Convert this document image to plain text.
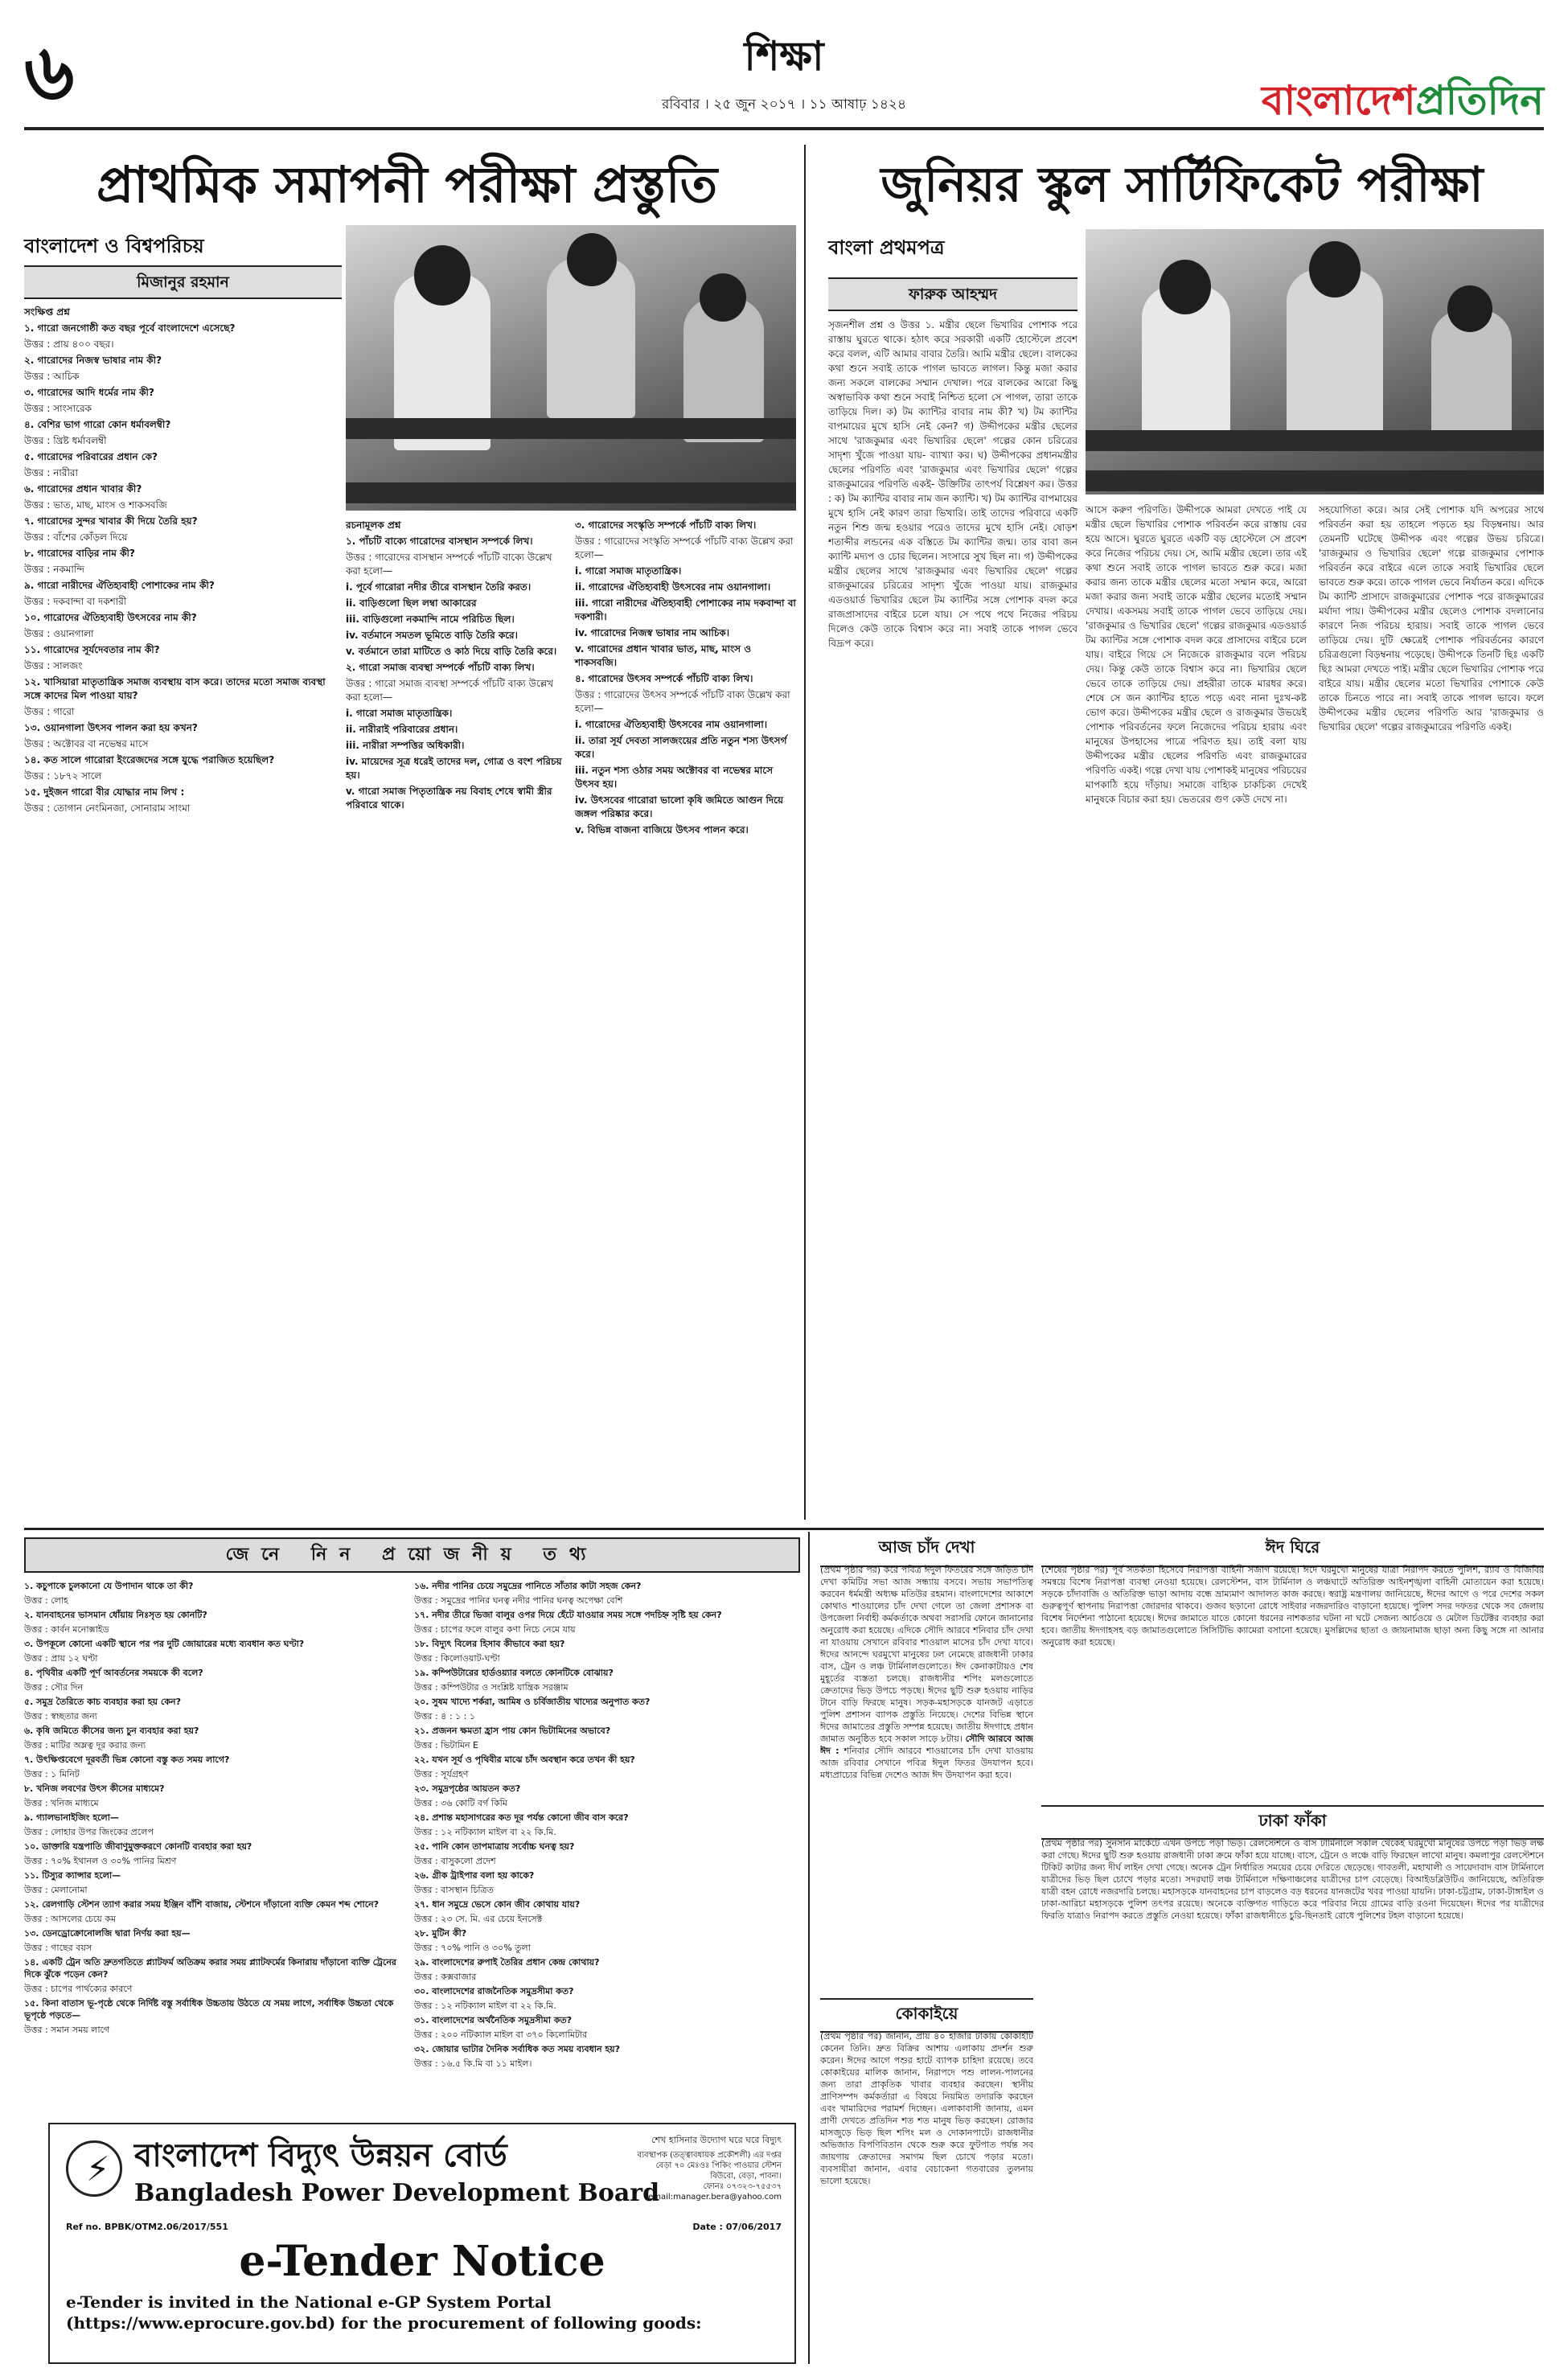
৬	শিক্ষা
রবিবার । ২৫ জুন ২০১৭ । ১১ আষাঢ় ১৪২৪	বাংলাদেশপ্রতিদিন
প্রাথমিক সমাপনী পরীক্ষা প্রস্তুতি
বাংলাদেশ ও বিশ্বপরিচয়
মিজানুর রহমান

সংক্ষিপ্ত প্রশ্ন

১. গারো জনগোষ্ঠী কত বছর পূর্বে বাংলাদেশে এসেছে?

উত্তর : প্রায় ৪০০ বছর।

২. গারোদের নিজস্ব ভাষার নাম কী?

উত্তর : আচিক

৩. গারোদের আদি ধর্মের নাম কী?

উত্তর : সাংসারেক

৪. বেশির ভাগ গারো কোন ধর্মাবলম্বী?

উত্তর : খ্রিষ্ট ধর্মাবলম্বী

৫. গারোদের পরিবারের প্রধান কে?

উত্তর : নারীরা

৬. গারোদের প্রধান খাবার কী?

উত্তর : ভাত, মাছ, মাংস ও শাকসবজি

৭. গারোদের সুন্দর খাবার কী দিয়ে তৈরি হয়?

উত্তর : বাঁশের কোঁড়ল দিয়ে

৮. গারোদের বাড়ির নাম কী?

উত্তর : নকমান্দি

৯. গারো নারীদের ঐতিহ্যবাহী পোশাকের নাম কী?

উত্তর : দকবান্দা বা দকশারী

১০. গারোদের ঐতিহ্যবাহী উৎসবের নাম কী?

উত্তর : ওয়ানগালা

১১. গারোদের সূর্যদেবতার নাম কী?

উত্তর : সালজং

১২. খাসিয়ারা মাতৃতান্ত্রিক সমাজ ব্যবস্থায় বাস করে। তাদের মতো সমাজ ব্যবস্থা সঙ্গে কাদের মিল পাওয়া যায়?

উত্তর : গারো

১৩. ওয়ানগালা উৎসব পালন করা হয় কখন?

উত্তর : অক্টোবর বা নভেম্বর মাসে

১৪. কত সালে গারোরা ইংরেজদের সঙ্গে যুদ্ধে পরাজিত হয়েছিল?

উত্তর : ১৮৭২ সালে

১৫. দুইজন গারো বীর যোদ্ধার নাম লিখ :

উত্তর : তোগান নেংমিনজা, সোনারাম সাংমা

রচনামূলক প্রশ্ন

১. পাঁচটি বাক্যে গারোদের বাসস্থান সম্পর্কে লিখ।

উত্তর : গারোদের বাসস্থান সম্পর্কে পাঁচটি বাক্যে উল্লেখ করা হলো—

i. পূর্বে গারোরা নদীর তীরে বাসস্থান তৈরি করত।

ii. বাড়িগুলো ছিল লম্বা আকারের

iii. বাড়িগুলো নকমান্দি নামে পরিচিত ছিল।

iv. বর্তমানে সমতল ভূমিতে বাড়ি তৈরি করে।

v. বর্তমানে তারা মাটিতে ও কাঠ দিয়ে বাড়ি তৈরি করে।

২. গারো সমাজ ব্যবস্থা সম্পর্কে পাঁচটি বাক্য লিখ।

উত্তর : গারো সমাজ ব্যবস্থা সম্পর্কে পাঁচটি বাক্য উল্লেখ করা হলো—

i. গারো সমাজ মাতৃতান্ত্রিক।

ii. নারীরাই পরিবারের প্রধান।

iii. নারীরা সম্পত্তির অধিকারী।

iv. মায়েদের সূত্র ধরেই তাদের দল, গোত্র ও বংশ পরিচয় হয়।

v. গারো সমাজ পিতৃতান্ত্রিক নয় বিবাহ শেষে স্বামী স্ত্রীর পরিবারে থাকে।

৩. গারোদের সংস্কৃতি সম্পর্কে পাঁচটি বাক্য লিখ।

উত্তর : গারোদের সংস্কৃতি সম্পর্কে পাঁচটি বাক্য উল্লেখ করা হলো—

i. গারো সমাজ মাতৃতান্ত্রিক।

ii. গারোদের ঐতিহ্যবাহী উৎসবের নাম ওয়ানগালা।

iii. গারো নারীদের ঐতিহ্যবাহী পোশাকের নাম দকবান্দা বা দকশারী।

iv. গারোদের নিজস্ব ভাষার নাম আচিক।

v. গারোদের প্রধান খাবার ভাত, মাছ, মাংস ও শাকসবজি।

৪. গারোদের উৎসব সম্পর্কে পাঁচটি বাক্য লিখ।

উত্তর : গারোদের উৎসব সম্পর্কে পাঁচটি বাক্য উল্লেখ করা হলো—

i. গারোদের ঐতিহ্যবাহী উৎসবের নাম ওয়ানগালা।

ii. তারা সূর্য দেবতা সালজংয়ের প্রতি নতুন শস্য উৎসর্গ করে।

iii. নতুন শস্য ওঠার সময় অক্টোবর বা নভেম্বর মাসে উৎসব হয়।

iv. উৎসবের গারোরা ভালো কৃষি জমিতে আগুন দিয়ে জঙ্গল পরিষ্কার করে।

v. বিভিন্ন বাজনা বাজিয়ে উৎসব পালন করে।

জুনিয়র স্কুল সার্টিফিকেট পরীক্ষা
বাংলা প্রথমপত্র
ফারুক আহম্মদ
সৃজনশীল প্রশ্ন ও উত্তর ১. মন্ত্রীর ছেলে ভিখারির পোশাক পরে রাস্তায় ঘুরতে থাকে। হঠাৎ করে সরকারী একটি হোস্টেলে প্রবেশ করে বলল, এটি আমার বাবার তৈরি। আমি মন্ত্রীর ছেলে। বালকের কথা শুনে সবাই তাকে পাগল ভাবতে লাগল। কিন্তু মজা করার জন্য সকলে বালকের সম্মান দেখাল। পরে বালকের আরো কিছু অস্বাভাবিক কথা শুনে সবাই নিশ্চিত হলো সে পাগল, তারা তাকে তাড়িয়ে দিল। ক) টম ক্যান্টির বাবার নাম কী? খ) টম ক্যান্টির বাপমায়ের মুখে হাসি নেই কেন? গ) উদ্দীপকের মন্ত্রীর ছেলের সাথে 'রাজকুমার এবং ভিখারির ছেলে' গল্পের কোন চরিত্রের সাদৃশ্য খুঁজে পাওয়া যায়- ব্যাখ্যা কর। ঘ) উদ্দীপকের প্রধানমন্ত্রীর ছেলের পরিণতি এবং 'রাজকুমার এবং ভিখারির ছেলে' গল্পের রাজকুমারের পরিণতি একই- উক্তিটির তাৎপর্য বিশ্লেষণ কর। উত্তর : ক) টম ক্যান্টির বাবার নাম জন ক্যান্টি। খ) টম ক্যান্টির বাপমায়ের মুখে হাসি নেই কারণ তারা ভিখারি। তাই তাদের পরিবারে একটি নতুন শিশু জন্ম হওয়ার পরেও তাদের মুখে হাসি নেই। ষোড়শ শতাব্দীর লন্ডনের এক বস্তিতে টম ক্যান্টির জন্ম। তার বাবা জন ক্যান্টি মদ্যপ ও চোর ছিলেন। সংসারে সুখ ছিল না। গ) উদ্দীপকের মন্ত্রীর ছেলের সাথে 'রাজকুমার এবং ভিখারির ছেলে' গল্পের রাজকুমারের চরিত্রের সাদৃশ্য খুঁজে পাওয়া যায়। রাজকুমার এডওয়ার্ড ভিখারির ছেলে টম ক্যান্টির সঙ্গে পোশাক বদল করে রাজপ্রাসাদের বাইরে চলে যায়। সে পথে পথে নিজের পরিচয় দিলেও কেউ তাকে বিশ্বাস করে না। সবাই তাকে পাগল ভেবে বিদ্রূপ করে।
আসে করুণ পরিণতি। উদ্দীপকে আমরা দেখতে পাই যে মন্ত্রীর ছেলে ভিখারির পোশাক পরিবর্তন করে রাস্তায় বের হয়ে আসে। ঘুরতে ঘুরতে একটি বড় হোস্টেলে সে প্রবেশ করে নিজের পরিচয় দেয়। সে, আমি মন্ত্রীর ছেলে। তার এই কথা শুনে সবাই তাকে পাগল ভাবতে শুরু করে। মজা করার জন্য তাকে মন্ত্রীর ছেলের মতো সম্মান করে, আরো মজা করার জন্য সবাই তাকে মন্ত্রীর ছেলের মতোই সম্মান দেখায়। একসময় সবাই তাকে পাগল ভেবে তাড়িয়ে দেয়। 'রাজকুমার ও ভিখারির ছেলে' গল্পের রাজকুমার এডওয়ার্ড টম ক্যান্টির সঙ্গে পোশাক বদল করে প্রাসাদের বাইরে চলে যায়। বাইরে গিয়ে সে নিজেকে রাজকুমার বলে পরিচয় দেয়। কিন্তু কেউ তাকে বিশ্বাস করে না। ভিখারির ছেলে ভেবে তাকে তাড়িয়ে দেয়। প্রহরীরা তাকে মারধর করে। শেষে সে জন ক্যান্টির হাতে পড়ে এবং নানা দুঃখ-কষ্ট ভোগ করে। উদ্দীপকের মন্ত্রীর ছেলে ও রাজকুমার উভয়েই পোশাক পরিবর্তনের ফলে নিজেদের পরিচয় হারায় এবং মানুষের উপহাসের পাত্রে পরিণত হয়। তাই বলা যায় উদ্দীপকের মন্ত্রীর ছেলের পরিণতি এবং রাজকুমারের পরিণতি একই। গল্পে দেখা যায় পোশাকই মানুষের পরিচয়ের মাপকাঠি হয়ে দাঁড়ায়। সমাজে বাহ্যিক চাকচিক্য দেখেই মানুষকে বিচার করা হয়। ভেতরের গুণ কেউ দেখে না।
সহযোগিতা করে। আর সেই পোশাক যদি অপরের সাথে পরিবর্তন করা হয় তাহলে পড়তে হয় বিড়ম্বনায়। আর তেমনটি ঘটেছে উদ্দীপক এবং গল্পের উভয় চরিত্রে। 'রাজকুমার ও ভিখারির ছেলে' গল্পে রাজকুমার পোশাক পরিবর্তন করে বাইরে এলে তাকে সবাই ভিখারির ছেলে ভাবতে শুরু করে। তাকে পাগল ভেবে নির্যাতন করে। এদিকে টম ক্যান্টি প্রাসাদে রাজকুমারের পোশাক পরে রাজকুমারের মর্যাদা পায়। উদ্দীপকের মন্ত্রীর ছেলেও পোশাক বদলানোর কারণে নিজ পরিচয় হারায়। সবাই তাকে পাগল ভেবে তাড়িয়ে দেয়। দুটি ক্ষেত্রেই পোশাক পরিবর্তনের কারণে চরিত্রগুলো বিড়ম্বনায় পড়েছে। উদ্দীপকে তিনটি ছিঃ একটি ছিঃ আমরা দেখতে পাই। মন্ত্রীর ছেলে ভিখারির পোশাক পরে বাইরে যায়। মন্ত্রীর ছেলের মতো ভিখারির পোশাকে কেউ তাকে চিনতে পারে না। সবাই তাকে পাগল ভাবে। ফলে উদ্দীপকের মন্ত্রীর ছেলের পরিণতি আর 'রাজকুমার ও ভিখারির ছেলে' গল্পের রাজকুমারের পরিণতি একই।
জেনে নিন প্রয়োজনীয় তথ্য

১. কচুপাকে চুলকানো যে উপাদান থাকে তা কী?

উত্তর : লোহ

২. যানবাহনের ভাসমান ধোঁয়ায় নিঃসৃত হয় কোনটি?

উত্তর : কার্বন মনোক্সাইড

৩. উপকূলে কোনো একটি স্থানে পর পর দুটি জোয়ারের মধ্যে ব্যবধান কত ঘণ্টা?

উত্তর : প্রায় ১২ ঘণ্টা

৪. পৃথিবীর একটি পূর্ণ আবর্তনের সময়কে কী বলে?

উত্তর : সৌর দিন

৫. সমুদ্র তৈরিতে কাচ ব্যবহার করা হয় কেন?

উত্তর : স্বচ্ছতার জন্য

৬. কৃষি জমিতে কীসের জন্য চুন ব্যবহার করা হয়?

উত্তর : মাটির অম্লত্ব দূর করার জন্য

৭. উৎক্ষিপ্তবেগে দূরবর্তী ভিন্ন কোনো বস্তু কত সময় লাগে?

উত্তর : ১ মিনিট

৮. খনিজ লবণের উৎস কীসের মাধ্যমে?

উত্তর : খনিজ মাধ্যমে

৯. গ্যালভানাইজিং হলো—

উত্তর : লোহার উপর জিংকের প্রলেপ

১০. ডাক্তারি যন্ত্রপাতি জীবাণুমুক্তকরণে কোনটি ব্যবহার করা হয়?

উত্তর : ৭০% ইথানল ও ৩০% পানির মিশ্রণ

১১. টিস্যুর ক্যান্সার হলো—

উত্তর : মেলানোমা

১২. রেলগাড়ি স্টেশন ত্যাগ করার সময় ইঞ্জিন বাঁশি বাজায়, স্টেশনে দাঁড়ানো ব্যক্তি কেমন শব্দ শোনে?

উত্তর : আসলের চেয়ে কম

১৩. ডেনড্রোক্রোনোলজি দ্বারা নির্ণয় করা হয়—

উত্তর : গাছের বয়স

১৪. একটি ট্রেন অতি দ্রুতগতিতে প্ল্যাটফর্ম অতিক্রম করার সময় প্ল্যাটফর্মের কিনারায় দাঁড়ানো ব্যক্তি ট্রেনের দিকে ঝুঁকে পড়েন কেন?

উত্তর : চাপের পার্থক্যের কারণে

১৫. কিনা বাতাস ভূ-পৃষ্ঠে থেকে নির্দিষ্ট বস্তু সর্বাধিক উচ্চতায় উঠতে যে সময় লাগে, সর্বাধিক উচ্চতা থেকে ভূপৃষ্ঠে পড়তে—

উত্তর : সমান সময় লাগে

১৬. নদীর পানির চেয়ে সমুদ্রের পানিতে সাঁতার কাটা সহজ কেন?

উত্তর : সমুদ্রের পানির ঘনত্ব নদীর পানির ঘনত্ব অপেক্ষা বেশি

১৭. নদীর তীরে ভিজা বালুর ওপর দিয়ে হেঁটে যাওয়ার সময় সঙ্গে পদচিহ্ন সৃষ্টি হয় কেন?

উত্তর : চাপের ফলে বালুর কণা নিচে নেমে যায়

১৮. বিদ্যুৎ বিলের হিসাব কীভাবে করা হয়?

উত্তর : কিলোওয়াট-ঘণ্টা

১৯. কম্পিউটারের হার্ডওয়্যার বলতে কোনটিকে বোঝায়?

উত্তর : কম্পিউটার ও সংশ্লিষ্ট যান্ত্রিক সরঞ্জাম

২০. সুষম খাদ্যে শর্করা, আমিষ ও চর্বিজাতীয় খাদ্যের অনুপাত কত?

উত্তর : ৪ : ১ : ১

২১. প্রজনন ক্ষমতা হ্রাস পায় কোন ভিটামিনের অভাবে?

উত্তর : ভিটামিন E

২২. যখন সূর্য ও পৃথিবীর মাঝে চাঁদ অবস্থান করে তখন কী হয়?

উত্তর : সূর্যগ্রহণ

২৩. সমুদ্রপৃষ্ঠের আয়তন কত?

উত্তর : ৩৬ কোটি বর্গ কিমি

২৪. প্রশান্ত মহাসাগরের কত দূর পর্যন্ত কোনো জীব বাস করে?

উত্তর : ১২ নটিক্যাল মাইল বা ২২ কি.মি.

২৫. পানি কোন তাপমাত্রায় সর্বোচ্চ ঘনত্ব হয়?

উত্তর : বাসুকলো প্রদেশ

২৬. গ্রীক ট্রাইপার বলা হয় কাকে?

উত্তর : বাসস্থান চিত্রিত

২৭. ধান সমুদ্রে ভেসে কোন জীব কোথায় যায়?

উত্তর : ২৩ সে. মি. এর চেয়ে ইনসেক্ট

২৮. মুটিন কী?

উত্তর : ৭০% পানি ও ৩০% তুলা

২৯. বাংলাদেশের রুপাই তৈরির প্রধান কেন্দ্র কোথায়?

উত্তর : কক্সবাজার

৩০. বাংলাদেশের রাজনৈতিক সমুদ্রসীমা কত?

উত্তর : ১২ নটিক্যাল মাইল বা ২২ কি.মি.

৩১. বাংলাদেশের অর্থনৈতিক সমুদ্রসীমা কত?

উত্তর : ২০০ নটিক্যাল মাইল বা ৩৭০ কিলোমিটার

৩২. জোয়ার ভাটার দৈনিক সর্বাধিক কত সময় ব্যবধান হয়?

উত্তর : ১৬.৫ কি.মি বা ১১ মাইল।

⚡ বাংলাদেশ বিদ্যুৎ উন্নয়ন বোর্ড
Bangladesh Power Development Board
শেখ হাসিনার উদ্যোগ ঘরে ঘরে বিদ্যুৎ
ব্যবস্থাপক (তত্ত্বাবধায়ক প্রকৌশলী) এর দপ্তর
বেড়া ৭০ মেঃওঃ পিকিং পাওয়ার স্টেশন
বিউবো, বেড়া, পাবনা।
ফোনঃ ০৭৩২৩-৭৫৫৩৭
email:manager.bera@yahoo.com
Ref no. BPBK/OTM2.06/2017/551	Date : 07/06/2017
e-Tender Notice
e-Tender is invited in the National e-GP System Portal (https://www.eprocure.gov.bd) for the procurement of following goods:
আজ চাঁদ দেখা
(প্রথম পৃষ্ঠার পর) করে পবিত্র ঈদুল ফিতরের সঙ্গে জড়িত চাঁদ দেখা কমিটির সভা আজ সন্ধ্যায় বসবে। সভায় সভাপতিত্ব করবেন ধর্মমন্ত্রী অধ্যক্ষ মতিউর রহমান। বাংলাদেশের আকাশে কোথাও শাওয়ালের চাঁদ দেখা গেলে তা জেলা প্রশাসক বা উপজেলা নির্বাহী কর্মকর্তাকে অথবা সরাসরি ফোনে জানানোর অনুরোধ করা হয়েছে। এদিকে সৌদি আরবে শনিবার চাঁদ দেখা না যাওয়ায় সেখানে রবিবার শাওয়াল মাসের চাঁদ দেখা যাবে। ঈদের আনন্দে ঘরমুখো মানুষের ঢল নেমেছে রাজধানী ঢাকার বাস, ট্রেন ও লঞ্চ টার্মিনালগুলোতে। ঈদ কেনাকাটায়ও শেষ মুহূর্তের ব্যস্ততা চলছে। রাজধানীর শপিং মলগুলোতে ক্রেতাদের ভিড় উপচে পড়ছে। ঈদের ছুটি শুরু হওয়ায় নাড়ির টানে বাড়ি ফিরছে মানুষ। সড়ক-মহাসড়কে যানজট এড়াতে পুলিশ প্রশাসন ব্যাপক প্রস্তুতি নিয়েছে। দেশের বিভিন্ন স্থানে ঈদের জামাতের প্রস্তুতি সম্পন্ন হয়েছে। জাতীয় ঈদগাহে প্রধান জামাত অনুষ্ঠিত হবে সকাল সাড়ে ৮টায়। সৌদি আরবে আজ ঈদ : শনিবার সৌদি আরবে শাওয়ালের চাঁদ দেখা যাওয়ায় আজ রবিবার সেখানে পবিত্র ঈদুল ফিতর উদযাপন হবে। মধ্যপ্রাচ্যের বিভিন্ন দেশেও আজ ঈদ উদযাপন করা হবে।
কোকাইয়ে
(প্রথম পৃষ্ঠার পর) জানান, প্রায় ৪০ হাজার টাকায় কোকাইটি কেনেন তিনি। দ্রুত বিক্রির আশায় এলাকায় প্রদর্শন শুরু করেন। ঈদের আগে পশুর হাটে ব্যাপক চাহিদা রয়েছে। তবে কোকাইয়ের মালিক জানান, নিরাপদে পশু লালন-পালনের জন্য তারা প্রাকৃতিক খাবার ব্যবহার করছেন। স্থানীয় প্রাণিসম্পদ কর্মকর্তারা এ বিষয়ে নিয়মিত তদারকি করছেন এবং খামারিদের পরামর্শ দিচ্ছেন। এলাকাবাসী জানায়, এমন প্রাণী দেখতে প্রতিদিন শত শত মানুষ ভিড় করছেন। রোজার মাসজুড়ে ভিড় ছিল শপিং মল ও দোকানপাটে। রাজধানীর অভিজাত বিপণিবিতান থেকে শুরু করে ফুটপাত পর্যন্ত সব জায়গায় ক্রেতাদের সমাগম ছিল চোখে পড়ার মতো। ব্যবসায়ীরা জানান, এবার বেচাকেনা গতবারের তুলনায় ভালো হয়েছে।
ঈদ ঘিরে
(শেষের পৃষ্ঠার পর) পূর্ব সতর্কতা হিসেবে নিরাপত্তা বাহিনী সজাগ রয়েছে। ঈদে ঘরমুখো মানুষের যাত্রা নিরাপদ করতে পুলিশ, র‌্যাব ও বিজিবির সমন্বয়ে বিশেষ নিরাপত্তা ব্যবস্থা নেওয়া হয়েছে। রেলস্টেশন, বাস টার্মিনাল ও লঞ্চঘাটে অতিরিক্ত আইনশৃঙ্খলা বাহিনী মোতায়েন করা হয়েছে। সড়কে চাঁদাবাজি ও অতিরিক্ত ভাড়া আদায় বন্ধে ভ্রাম্যমাণ আদালত কাজ করছে। স্বরাষ্ট্র মন্ত্রণালয় জানিয়েছে, ঈদের আগে ও পরে দেশের সকল গুরুত্বপূর্ণ স্থাপনায় নিরাপত্তা জোরদার থাকবে। গুজব ছড়ানো রোধে সাইবার নজরদারিও বাড়ানো হয়েছে। পুলিশ সদর দফতর থেকে সব জেলায় বিশেষ নির্দেশনা পাঠানো হয়েছে। ঈদের জামাতে যাতে কোনো ধরনের নাশকতার ঘটনা না ঘটে সেজন্য আর্চওয়ে ও মেটাল ডিটেক্টর ব্যবহার করা হবে। জাতীয় ঈদগাহসহ বড় জামাতগুলোতে সিসিটিভি ক্যামেরা বসানো হয়েছে। মুসল্লিদের ছাতা ও জায়নামাজ ছাড়া অন্য কিছু সঙ্গে না আনার অনুরোধ করা হয়েছে।
ঢাকা ফাঁকা
(প্রথম পৃষ্ঠার পর) সুনসান মার্কেটে এখন উপচে পড়া ভিড়। রেলস্টেশনে ও বাস টার্মিনালে সকাল থেকেই ঘরমুখো মানুষের উপচে পড়া ভিড় লক্ষ করা গেছে। ঈদের ছুটি শুরু হওয়ায় রাজধানী ঢাকা ক্রমে ফাঁকা হয়ে যাচ্ছে। বাসে, ট্রেনে ও লঞ্চে বাড়ি ফিরছেন লাখো মানুষ। কমলাপুর রেলস্টেশনে টিকিট কাটার জন্য দীর্ঘ লাইন দেখা গেছে। অনেক ট্রেন নির্ধারিত সময়ের চেয়ে দেরিতে ছেড়েছে। গাবতলী, মহাখালী ও সায়েদাবাদ বাস টার্মিনালে যাত্রীদের ভিড় ছিল চোখে পড়ার মতো। সদরঘাট লঞ্চ টার্মিনালে দক্ষিণাঞ্চলের যাত্রীদের চাপ বেড়েছে। বিআইডব্লিউটিএ জানিয়েছে, অতিরিক্ত যাত্রী বহন রোধে নজরদারি চলছে। মহাসড়কে যানবাহনের চাপ বাড়লেও বড় ধরনের যানজটের খবর পাওয়া যায়নি। ঢাকা-চট্টগ্রাম, ঢাকা-টাঙ্গাইল ও ঢাকা-আরিচা মহাসড়কে পুলিশ তৎপর রয়েছে। অনেকে ব্যক্তিগত গাড়িতে করে পরিবার নিয়ে গ্রামের বাড়ি রওনা দিয়েছেন। ঈদের পর যাত্রীদের ফিরতি যাত্রাও নিরাপদ করতে প্রস্তুতি নেওয়া হয়েছে। ফাঁকা রাজধানীতে চুরি-ছিনতাই রোধে পুলিশের টহল বাড়ানো হয়েছে।
